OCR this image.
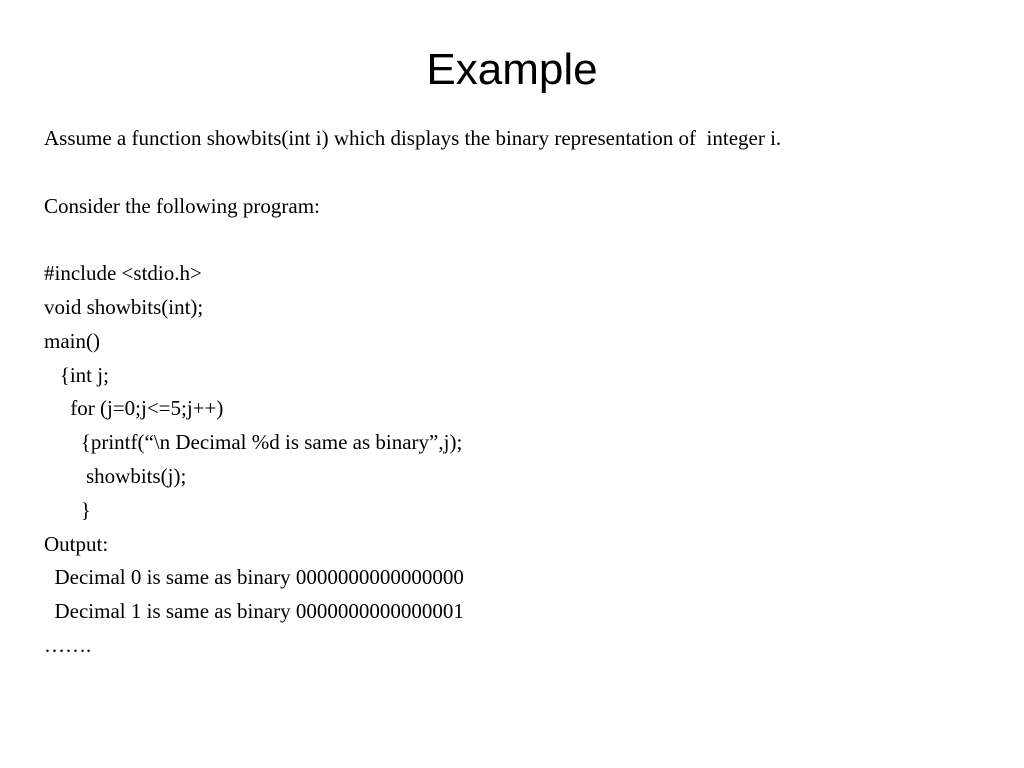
Example
Assume a function showbits(int i) which displays the binary representation of  integer i.
Consider the following program:
#include <stdio.h>
void showbits(int);
main()
{int j;
for (j=0;j<=5;j++)
{printf(“\n Decimal %d is same as binary”,j);
showbits(j);
}
Output:
Decimal 0 is same as binary 0000000000000000
Decimal 1 is same as binary 0000000000000001
…….
